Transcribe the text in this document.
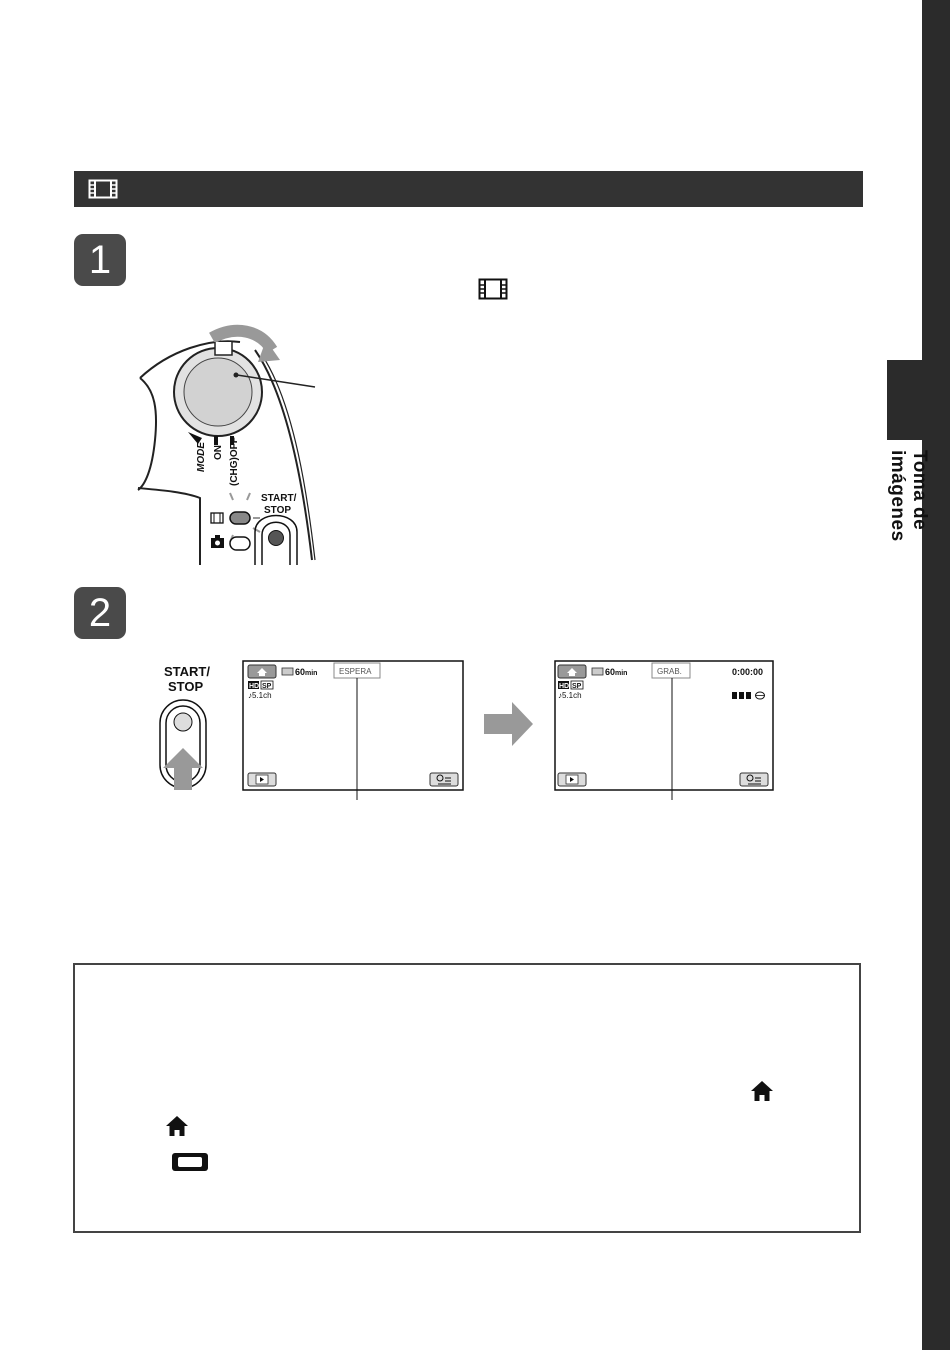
Toma de imágenes
1
MODE ON (CHG)OFF
START/
STOP
2
START/
STOP
60min	ESPERA
HD SP
♪5.1ch
60min	GRAB.	0:00:00
HD SP
♪5.1ch
